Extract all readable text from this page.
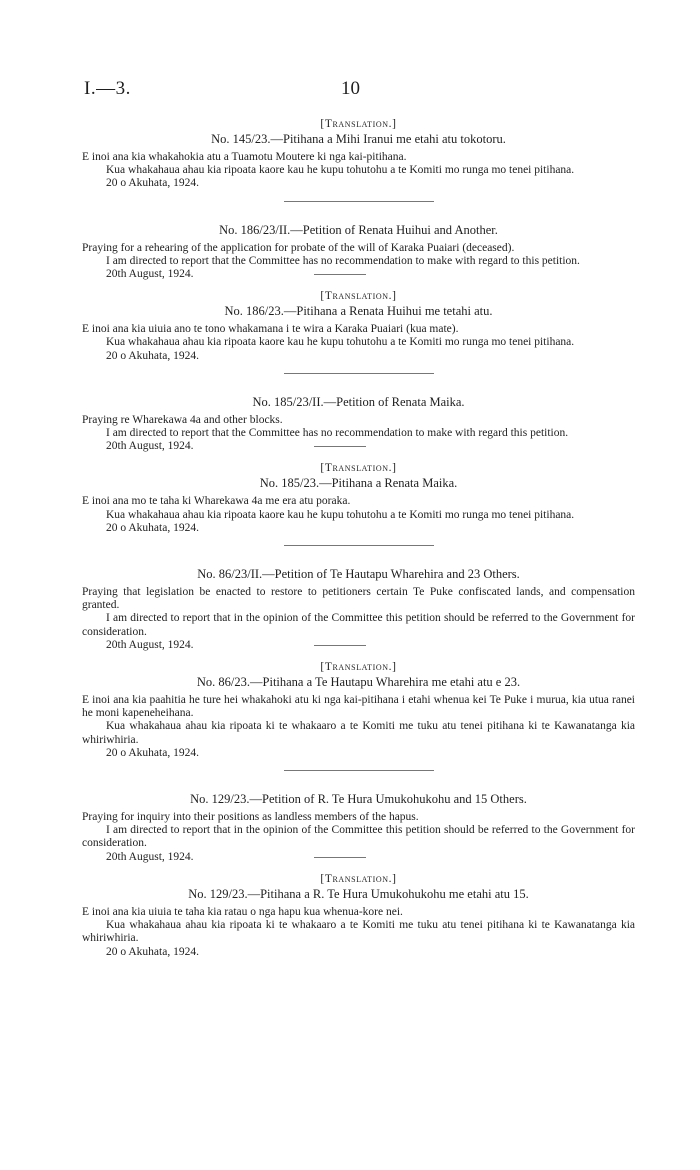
I.—3.	10

[Translation.]

No. 145/23.—Pitihana a Mihi Iranui me etahi atu tokotoru.

E inoi ana kia whakahokia atu a Tuamotu Moutere ki nga kai-pitihana.

Kua whakahaua ahau kia ripoata kaore kau he kupu tohutohu a te Komiti mo runga mo tenei pitihana.

20 o Akuhata, 1924.

No. 186/23/II.—Petition of Renata Huihui and Another.

Praying for a rehearing of the application for probate of the will of Karaka Puaiari (deceased).

I am directed to report that the Committee has no recommendation to make with regard to this petition.

20th August, 1924.

[Translation.]

No. 186/23.—Pitihana a Renata Huihui me tetahi atu.

E inoi ana kia uiuia ano te tono whakamana i te wira a Karaka Puaiari (kua mate).

Kua whakahaua ahau kia ripoata kaore kau he kupu tohutohu a te Komiti mo runga mo tenei pitihana.

20 o Akuhata, 1924.

No. 185/23/II.—Petition of Renata Maika.

Praying re Wharekawa 4a and other blocks.

I am directed to report that the Committee has no recommendation to make with regard this petition.

20th August, 1924.

[Translation.]

No. 185/23.—Pitihana a Renata Maika.

E inoi ana mo te taha ki Wharekawa 4a me era atu poraka.

Kua whakahaua ahau kia ripoata kaore kau he kupu tohutohu a te Komiti mo runga mo tenei pitihana.

20 o Akuhata, 1924.

No. 86/23/II.—Petition of Te Hautapu Wharehira and 23 Others.

Praying that legislation be enacted to restore to petitioners certain Te Puke confiscated lands, and compensation granted.

I am directed to report that in the opinion of the Committee this petition should be referred to the Government for consideration.

20th August, 1924.

[Translation.]

No. 86/23.—Pitihana a Te Hautapu Wharehira me etahi atu e 23.

E inoi ana kia paahitia he ture hei whakahoki atu ki nga kai-pitihana i etahi whenua kei Te Puke i murua, kia utua ranei he moni kapeneheihana.

Kua whakahaua ahau kia ripoata ki te whakaaro a te Komiti me tuku atu tenei pitihana ki te Kawanatanga kia whiriwhiria.

20 o Akuhata, 1924.

No. 129/23.—Petition of R. Te Hura Umukohukohu and 15 Others.

Praying for inquiry into their positions as landless members of the hapus.

I am directed to report that in the opinion of the Committee this petition should be referred to the Government for consideration.

20th August, 1924.

[Translation.]

No. 129/23.—Pitihana a R. Te Hura Umukohukohu me etahi atu 15.

E inoi ana kia uiuia te taha kia ratau o nga hapu kua whenua-kore nei.

Kua whakahaua ahau kia ripoata ki te whakaaro a te Komiti me tuku atu tenei pitihana ki te Kawanatanga kia whiriwhiria.

20 o Akuhata, 1924.
